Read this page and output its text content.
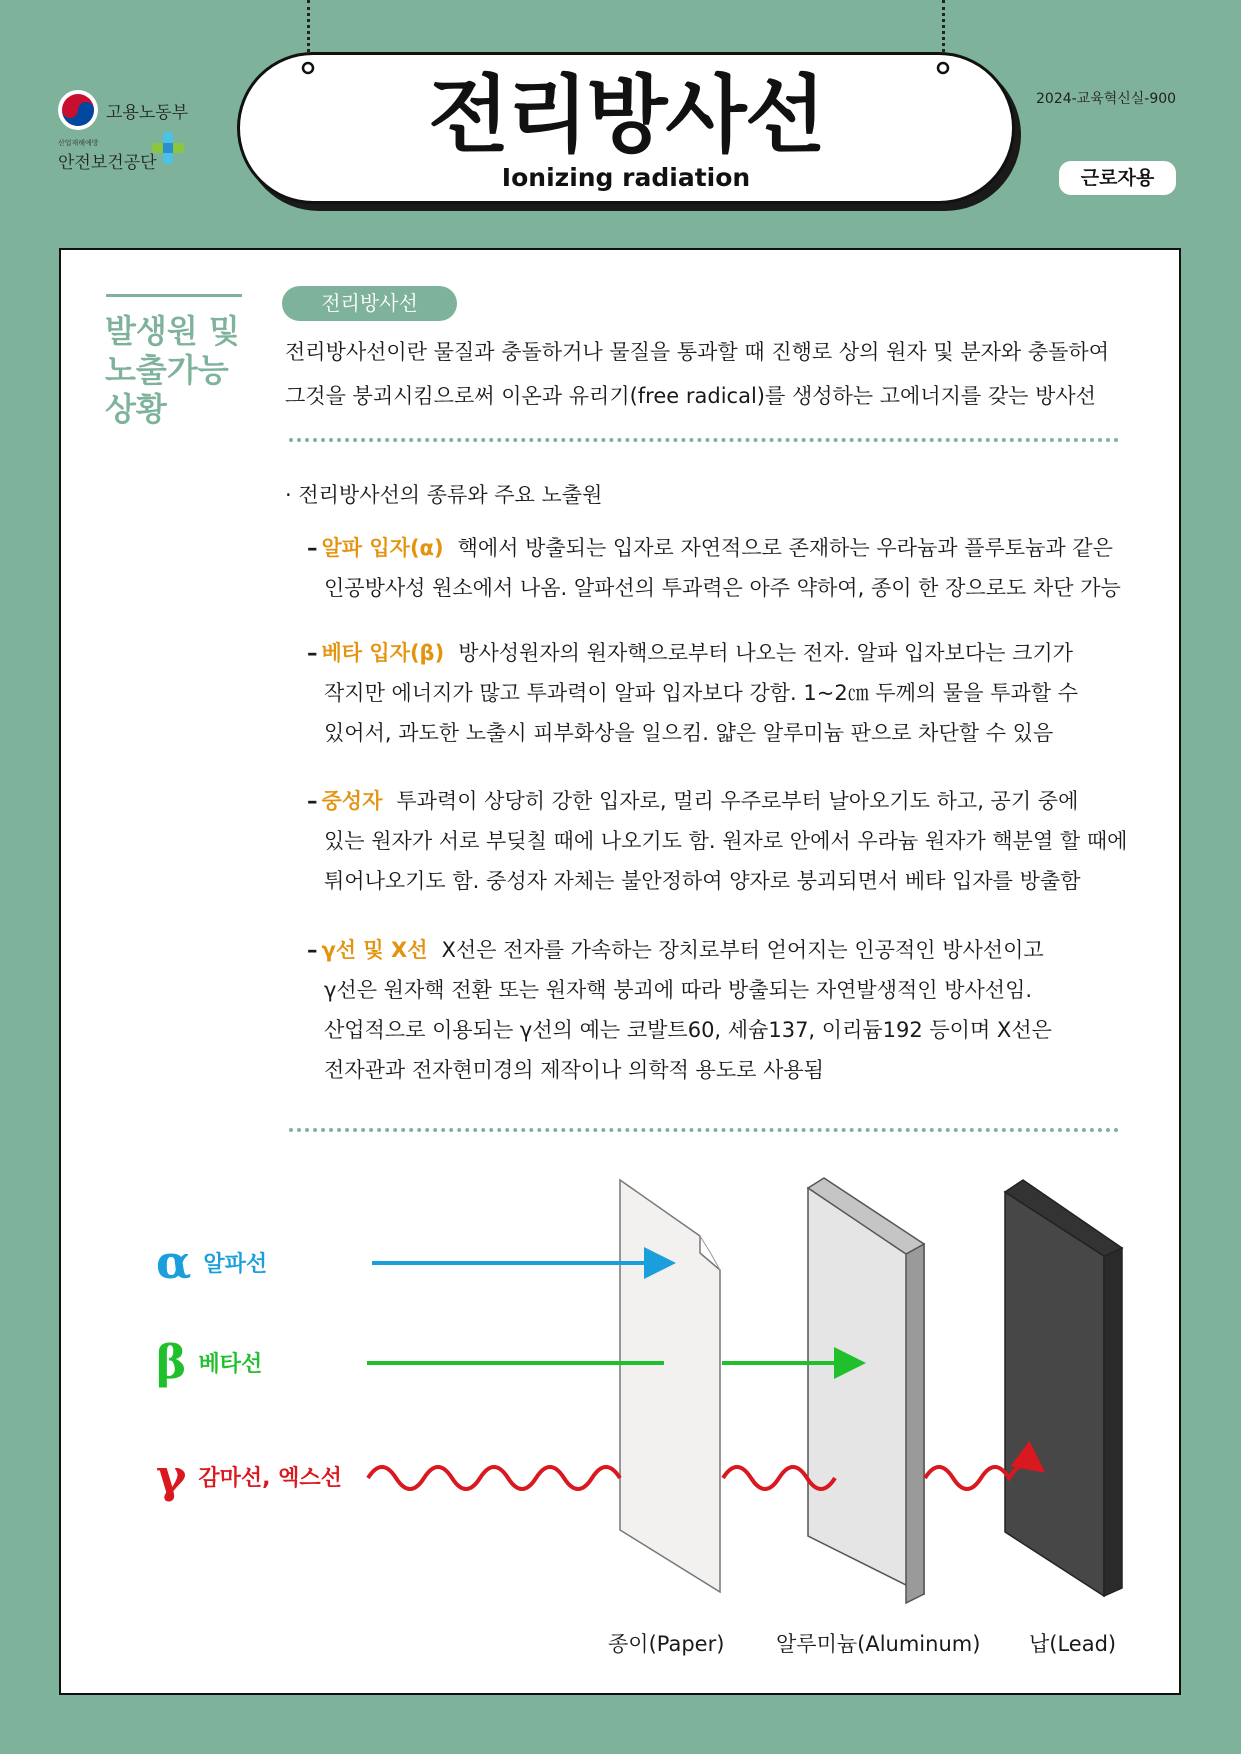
고용노동부
산업재해예방
안전보건공단	전리방사선
Ionizing radiation
2024-교육혁신실-900
근로자용
발생원 및
노출가능
상황
전리방사선
전리방사선이란 물질과 충돌하거나 물질을 통과할 때 진행로 상의 원자 및 분자와 충돌하여
그것을 붕괴시킴으로써 이온과 유리기(free radical)를 생성하는 고에너지를 갖는 방사선
· 전리방사선의 종류와 주요 노출원
– 알파 입자(α) 핵에서 방출되는 입자로 자연적으로 존재하는 우라늄과 플루토늄과 같은
인공방사성 원소에서 나옴. 알파선의 투과력은 아주 약하여, 종이 한 장으로도 차단 가능
– 베타 입자(β) 방사성원자의 원자핵으로부터 나오는 전자. 알파 입자보다는 크기가
작지만 에너지가 많고 투과력이 알파 입자보다 강함. 1~2㎝ 두께의 물을 투과할 수
있어서, 과도한 노출시 피부화상을 일으킴. 얇은 알루미늄 판으로 차단할 수 있음
– 중성자 투과력이 상당히 강한 입자로, 멀리 우주로부터 날아오기도 하고, 공기 중에
있는 원자가 서로 부딪칠 때에 나오기도 함. 원자로 안에서 우라늄 원자가 핵분열 할 때에
튀어나오기도 함. 중성자 자체는 불안정하여 양자로 붕괴되면서 베타 입자를 방출함
– γ선 및 X선 X선은 전자를 가속하는 장치로부터 얻어지는 인공적인 방사선이고
γ선은 원자핵 전환 또는 원자핵 붕괴에 따라 방출되는 자연발생적인 방사선임.
산업적으로 이용되는 γ선의 예는 코발트60, 세슘137, 이리듐192 등이며 X선은
전자관과 전자현미경의 제작이나 의학적 용도로 사용됨
α 알파선
β 베타선
γ 감마선, 엑스선
종이(Paper) 알루미늄(Aluminum) 납(Lead)
